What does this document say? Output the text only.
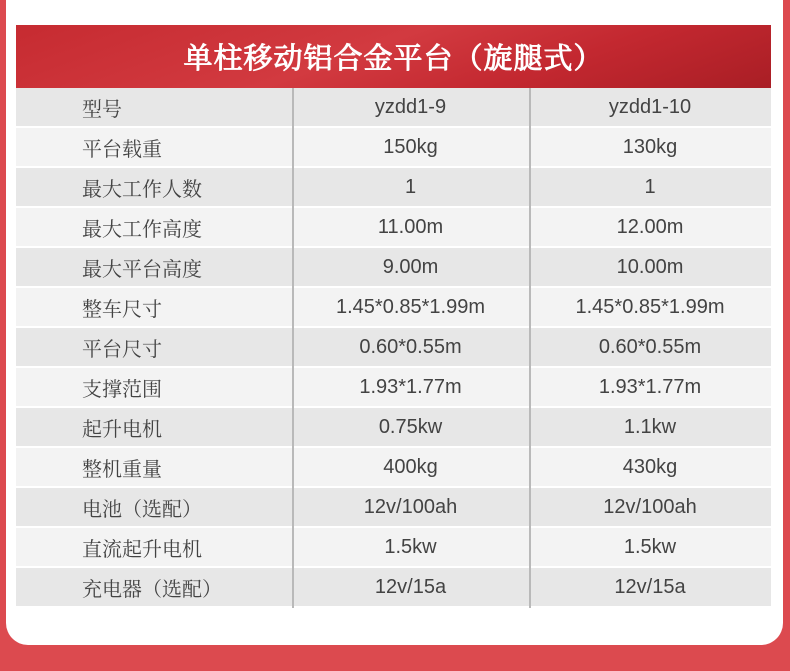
单柱移动铝合金平台（旋腿式）
型号	yzdd1-9	yzdd1-10
平台载重	150kg	130kg
最大工作人数	1	1
最大工作高度	11.00m	12.00m
最大平台高度	9.00m	10.00m
整车尺寸	1.45*0.85*1.99m	1.45*0.85*1.99m
平台尺寸	0.60*0.55m	0.60*0.55m
支撑范围	1.93*1.77m	1.93*1.77m
起升电机	0.75kw	1.1kw
整机重量	400kg	430kg
电池（选配）	12v/100ah	12v/100ah
直流起升电机	1.5kw	1.5kw
充电器（选配）	12v/15a	12v/15a
